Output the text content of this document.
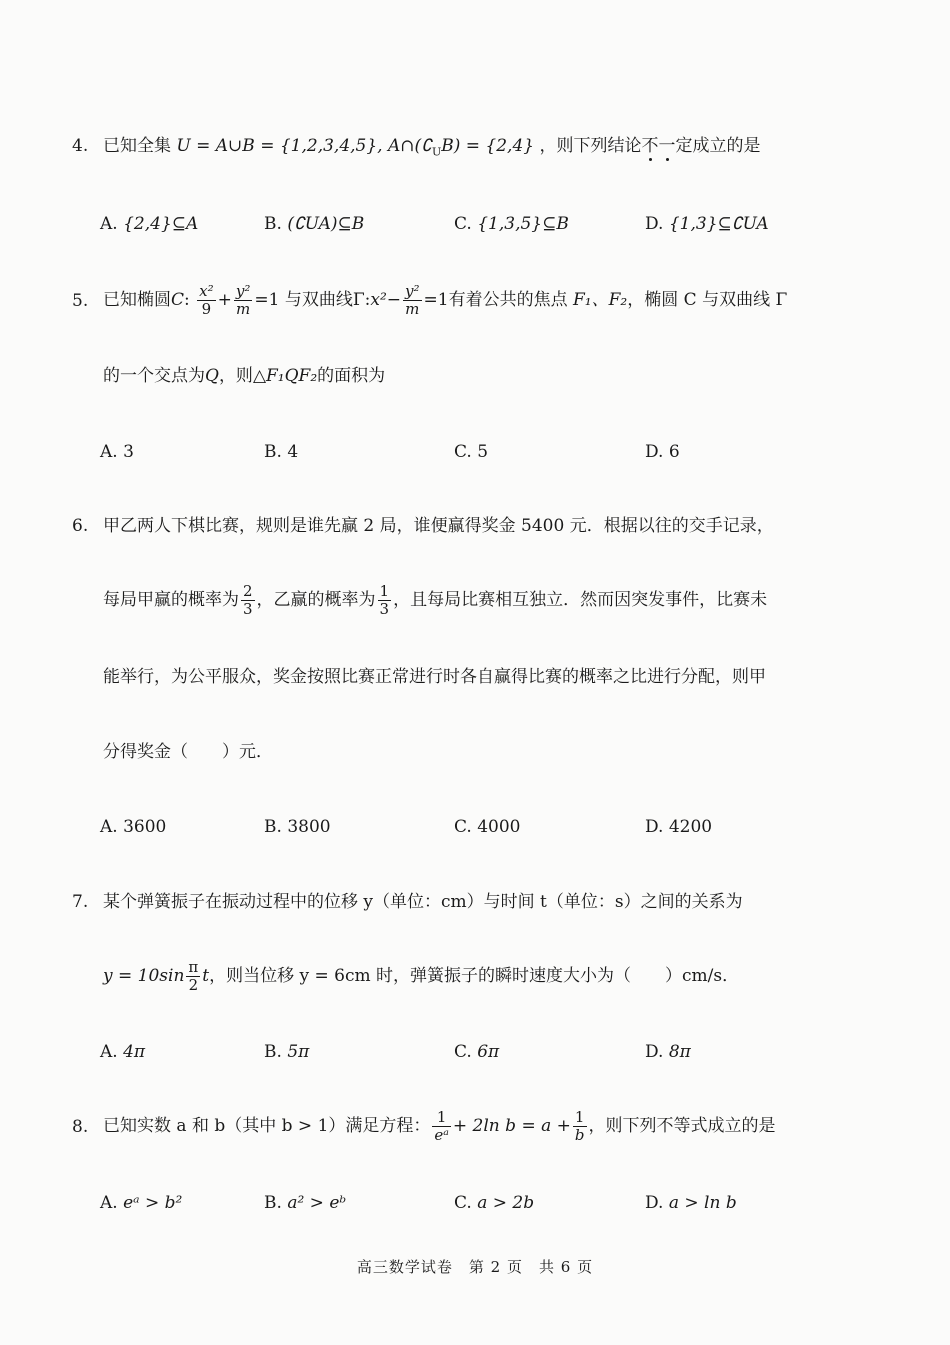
4. 已知全集 U = A∪B = {1,2,3,4,5}, $A\cap(∁_UB) = \{2,4\}$ ，则下列结论不一定成立的是
A. {2,4}⊆A	B. (∁UA)⊆B	C. {1,3,5}⊆B	D. {1,3}⊆∁UA
5. 已知椭圆C: $\frac{\text{x²}}{9} + \frac{\text{y²}}{m} =1$ 与双曲线Γ:x²− $\frac{\text{y²}}{m} =1$有着公共的焦点 F₁、F₂，椭圆 C 与双曲线 Γ
的一个交点为Q，则△F₁QF₂的面积为
A. 3	B. 4	C. 5	D. 6
6. 甲乙两人下棋比赛，规则是谁先赢 2 局，谁便赢得奖金 5400 元．根据以往的交手记录，
每局甲赢的概率为 $\frac{2}{3}$ ，乙赢的概率为 $\frac{1}{3}$ ，且每局比赛相互独立．然而因突发事件，比赛未
能举行，为公平服众，奖金按照比赛正常进行时各自赢得比赛的概率之比进行分配，则甲
分得奖金（　　）元．
A. 3600	B. 3800	C. 4000	D. 4200
7. 某个弹簧振子在振动过程中的位移 y（单位：cm）与时间 t（单位：s）之间的关系为
$y = 10\sin \frac{\pi}{2}$ t，则当位移 y = 6cm 时，弹簧振子的瞬时速度大小为（　　）cm/s．
A. 4π	B. 5π	C. 6π	D. 8π
8. 已知实数 a 和 b（其中 b > 1）满足方程： $\frac{1}{\text{eᵃ}} + 2\ln$ $b = a + \frac{1}{b}$ ，则下列不等式成立的是
A. eᵃ > b²	B. a² > eᵇ	C. a > 2b	D. a > ln b
高三数学试卷　第 2 页　共 6 页
